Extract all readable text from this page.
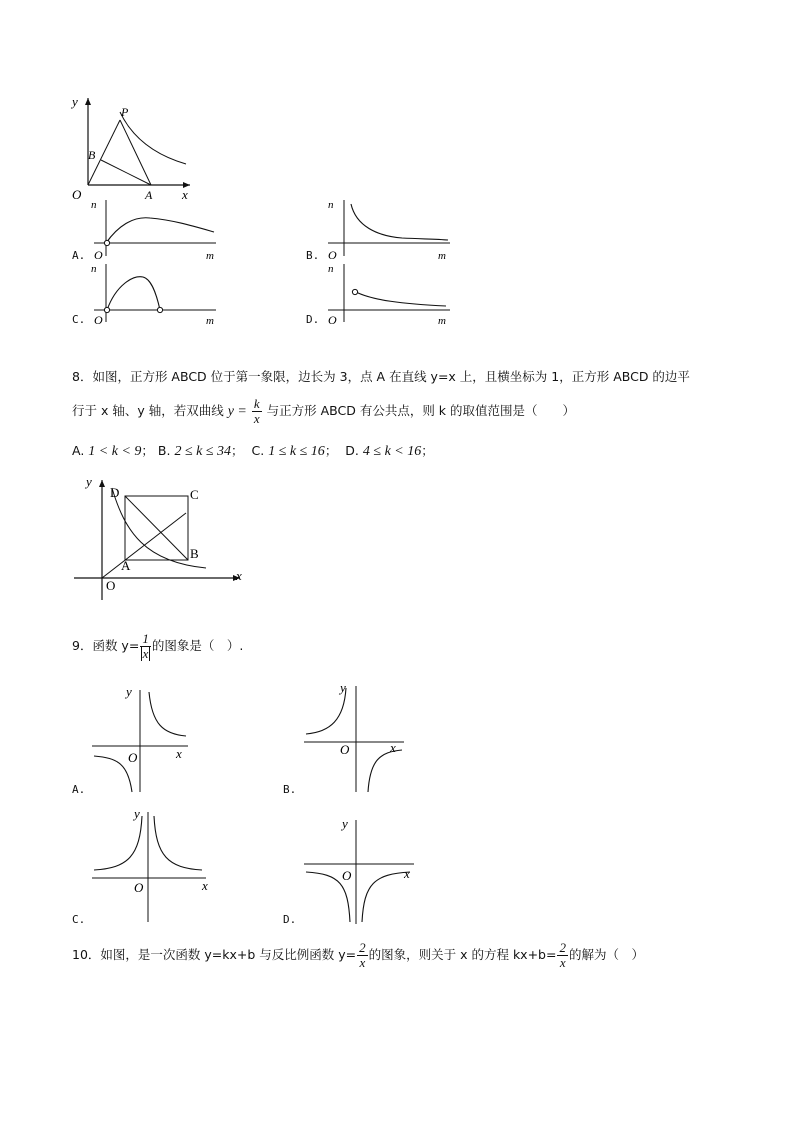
y
P
B
O	A x
A.
n
O	m	B.
n
O	m
C.
n
O	m	D.
n
O	m
8．如图，正方形 ABCD 位于第一象限，边长为 3，点 A 在直线 y=x 上，且横坐标为 1，正方形 ABCD 的边平
行于 x 轴、y 轴，若双曲线 $y = \frac{k}{x}$ 与正方形 ABCD 有公共点，则 k 的取值范围是（　　）
A. 1 < k < 9； B. 2 ≤ k ≤ 34； C. 1 ≤ k ≤ 16； D. 4 ≤ k < 16；
y
D	C
B
A
O
x
9．函数 $y= \frac{1}{x}$ 的图象是（　）.
A.
y
O	x
B.
y
O	x
C.
y
O	x
D.
y
O	x
10．如图，是一次函数 y=kx+b 与反比例函数 $y= \frac{2}{x}$ 的图象，则关于 x 的方程 $kx+b= \frac{2}{x}$ 的解为（　）
